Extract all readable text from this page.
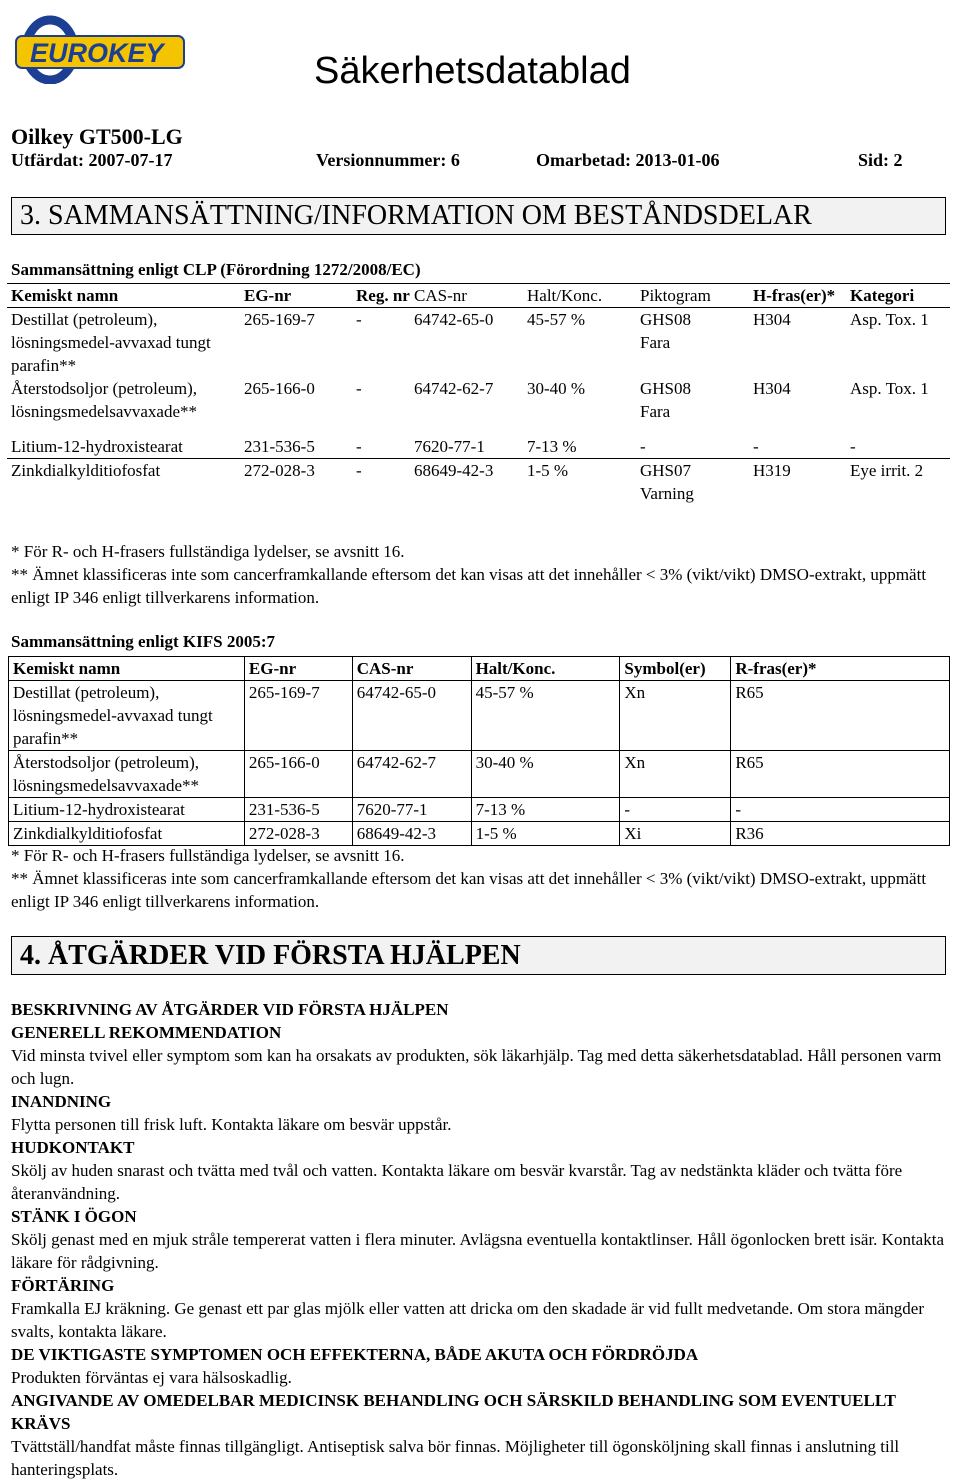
EUROKEY	Säkerhetsdatablad
Oilkey GT500-LG
Utfärdat: 2007-07-17	Versionnummer: 6	Omarbetad: 2013-01-06	Sid: 2
3. SAMMANSÄTTNING/INFORMATION OM BESTÅNDSDELAR
Sammansättning enligt CLP (Förordning 1272/2008/EC)
Kemiskt namn	EG-nr	Reg. nr	CAS-nr	Halt/Konc.	Piktogram	H-fras(er)*	Kategori
Destillat (petroleum), lösningsmedel-avvaxad tungt parafin**	265-169-7	-	64742-65-0	45-57 %	GHS08 Fara	H304	Asp. Tox. 1
Återstodsoljor (petroleum), lösningsmedelsavvaxade**	265-166-0	-	64742-62-7	30-40 %	GHS08 Fara	H304	Asp. Tox. 1

Litium-12-hydroxistearat	231-536-5	-	7620-77-1	7-13 %	-	-	-
Zinkdialkylditiofosfat	272-028-3	-	68649-42-3	1-5 %	GHS07 Varning	H319	Eye irrit. 2
* För R- och H-frasers fullständiga lydelser, se avsnitt 16.
** Ämnet klassificeras inte som cancerframkallande eftersom det kan visas att det innehåller < 3% (vikt/vikt) DMSO-extrakt, uppmätt enligt IP 346 enligt tillverkarens information.
Sammansättning enligt KIFS 2005:7
Kemiskt namn	EG-nr	CAS-nr	Halt/Konc.	Symbol(er)	R-fras(er)*
Destillat (petroleum), lösningsmedel-avvaxad tungt parafin**	265-169-7	64742-65-0	45-57 %	Xn	R65
Återstodsoljor (petroleum), lösningsmedelsavvaxade**	265-166-0	64742-62-7	30-40 %	Xn	R65
Litium-12-hydroxistearat	231-536-5	7620-77-1	7-13 %	-	-
Zinkdialkylditiofosfat	272-028-3	68649-42-3	1-5 %	Xi	R36
* För R- och H-frasers fullständiga lydelser, se avsnitt 16.
** Ämnet klassificeras inte som cancerframkallande eftersom det kan visas att det innehåller < 3% (vikt/vikt) DMSO-extrakt, uppmätt enligt IP 346 enligt tillverkarens information.
4. ÅTGÄRDER VID FÖRSTA HJÄLPEN
BESKRIVNING AV ÅTGÄRDER VID FÖRSTA HJÄLPEN
GENERELL REKOMMENDATION
Vid minsta tvivel eller symptom som kan ha orsakats av produkten, sök läkarhjälp. Tag med detta säkerhetsdatablad. Håll personen varm och lugn.
INANDNING
Flytta personen till frisk luft. Kontakta läkare om besvär uppstår.
HUDKONTAKT
Skölj av huden snarast och tvätta med tvål och vatten. Kontakta läkare om besvär kvarstår. Tag av nedstänkta kläder och tvätta före återanvändning.
STÄNK I ÖGON
Skölj genast med en mjuk stråle tempererat vatten i flera minuter. Avlägsna eventuella kontaktlinser. Håll ögonlocken brett isär. Kontakta läkare för rådgivning.
FÖRTÄRING
Framkalla EJ kräkning. Ge genast ett par glas mjölk eller vatten att dricka om den skadade är vid fullt medvetande. Om stora mängder svalts, kontakta läkare.
DE VIKTIGASTE SYMPTOMEN OCH EFFEKTERNA, BÅDE AKUTA OCH FÖRDRÖJDA
Produkten förväntas ej vara hälsoskadlig.
ANGIVANDE AV OMEDELBAR MEDICINSK BEHANDLING OCH SÄRSKILD BEHANDLING SOM EVENTUELLT KRÄVS
Tvättställ/handfat måste finnas tillgängligt. Antiseptisk salva bör finnas. Möjligheter till ögonsköljning skall finnas i anslutning till hanteringsplats.
